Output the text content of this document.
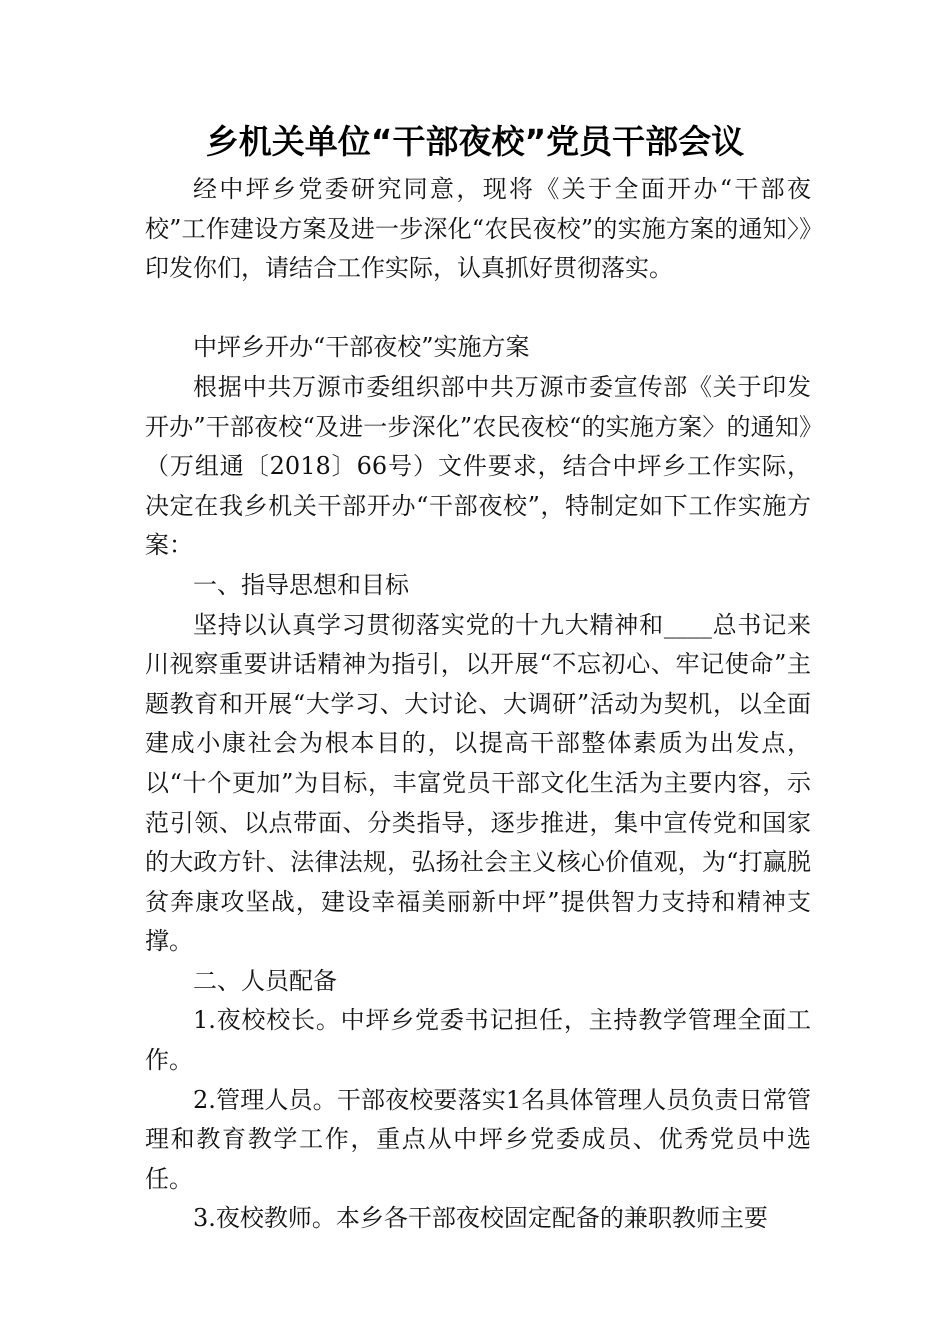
乡机关单位“干部夜校”党员干部会议

经中坪乡党委研究同意，现将《关于全面开办“干部夜校”工作建设方案及进一步深化“农民夜校”的实施方案的通知〉》印发你们，请结合工作实际，认真抓好贯彻落实。

中坪乡开办“干部夜校”实施方案

根据中共万源市委组织部中共万源市委宣传部《关于印发开办”干部夜校“及进一步深化”农民夜校“的实施方案〉的通知》（万组通〔2018〕66号）文件要求，结合中坪乡工作实际，决定在我乡机关干部开办“干部夜校”，特制定如下工作实施方案：

一、指导思想和目标

坚持以认真学习贯彻落实党的十九大精神和____总书记来川视察重要讲话精神为指引，以开展“不忘初心、牢记使命”主题教育和开展“大学习、大讨论、大调研”活动为契机，以全面建成小康社会为根本目的，以提高干部整体素质为出发点，以“十个更加”为目标，丰富党员干部文化生活为主要内容，示范引领、以点带面、分类指导，逐步推进，集中宣传党和国家的大政方针、法律法规，弘扬社会主义核心价值观，为“打赢脱贫奔康攻坚战，建设幸福美丽新中坪”提供智力支持和精神支撑。

二、人员配备

1.夜校校长。中坪乡党委书记担任，主持教学管理全面工作。

2.管理人员。干部夜校要落实1名具体管理人员负责日常管理和教育教学工作，重点从中坪乡党委成员、优秀党员中选任。

3.夜校教师。本乡各干部夜校固定配备的兼职教师主要
